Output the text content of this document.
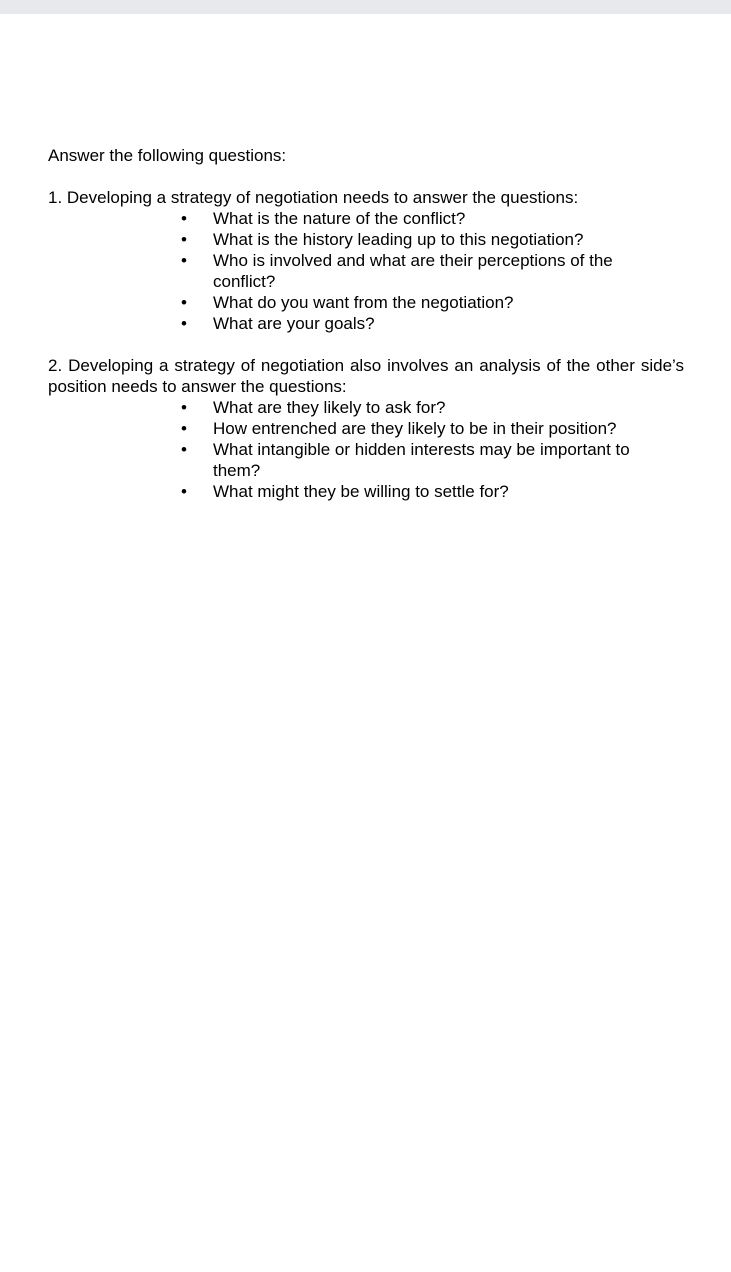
Answer the following questions:

1. Developing a strategy of negotiation needs to answer the questions:

• What is the nature of the conflict?
• What is the history leading up to this negotiation?
• Who is involved and what are their perceptions of the conflict?
• What do you want from the negotiation?
• What are your goals?

2. Developing a strategy of negotiation also involves an analysis of the other side’s position needs to answer the questions:

• What are they likely to ask for?
• How entrenched are they likely to be in their position?
• What intangible or hidden interests may be important to them?
• What might they be willing to settle for?
